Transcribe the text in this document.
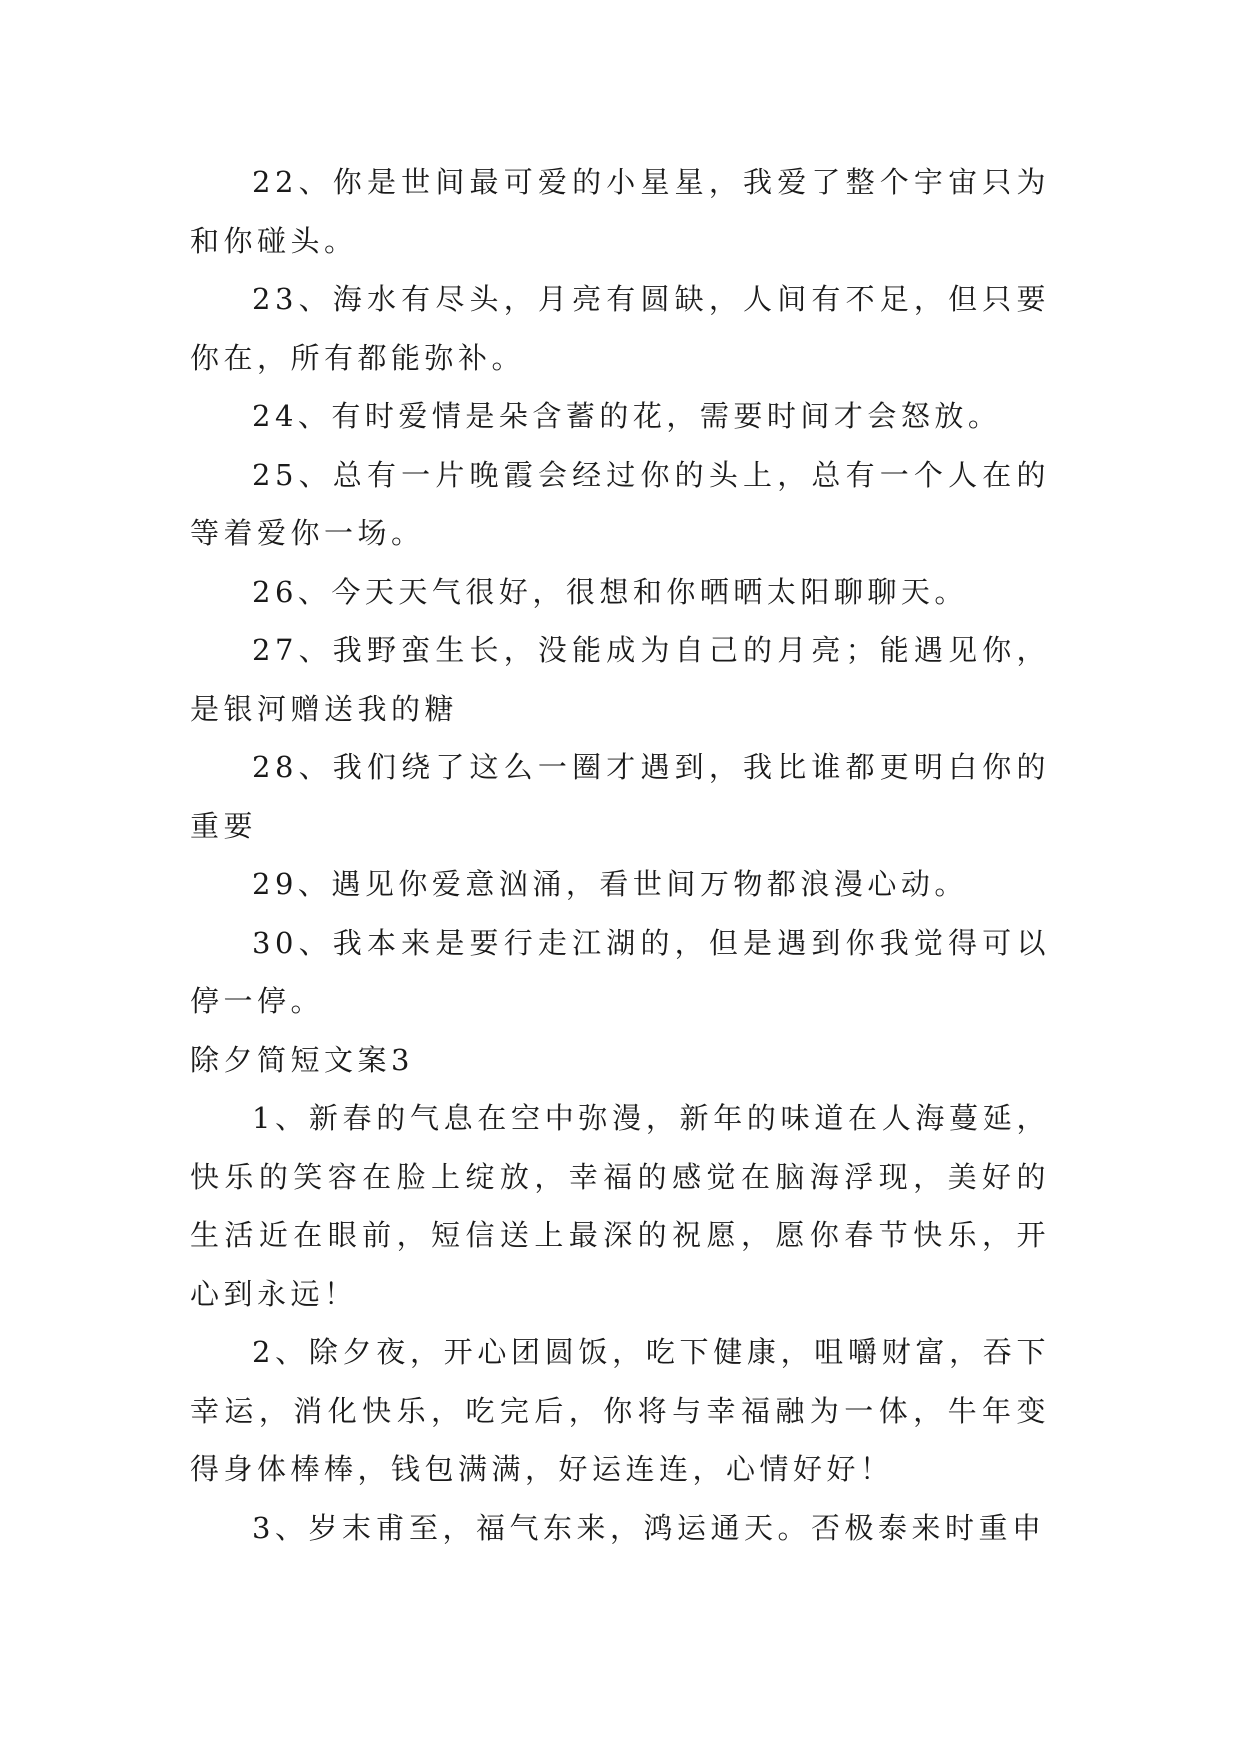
22、你是世间最可爱的小星星，我爱了整个宇宙只为和你碰头。

23、海水有尽头，月亮有圆缺，人间有不足，但只要你在，所有都能弥补。

24、有时爱情是朵含蓄的花，需要时间才会怒放。

25、总有一片晚霞会经过你的头上，总有一个人在的等着爱你一场。

26、今天天气很好，很想和你晒晒太阳聊聊天。

27、我野蛮生长，没能成为自己的月亮；能遇见你，是银河赠送我的糖

28、我们绕了这么一圈才遇到，我比谁都更明白你的重要

29、遇见你爱意汹涌，看世间万物都浪漫心动。

30、我本来是要行走江湖的，但是遇到你我觉得可以停一停。

除夕简短文案3

1、新春的气息在空中弥漫，新年的味道在人海蔓延，快乐的笑容在脸上绽放，幸福的感觉在脑海浮现，美好的生活近在眼前，短信送上最深的祝愿，愿你春节快乐，开心到永远！

2、除夕夜，开心团圆饭，吃下健康，咀嚼财富，吞下幸运，消化快乐，吃完后，你将与幸福融为一体，牛年变得身体棒棒，钱包满满，好运连连，心情好好！

3、岁末甫至，福气东来，鸿运通天。否极泰来时重申
